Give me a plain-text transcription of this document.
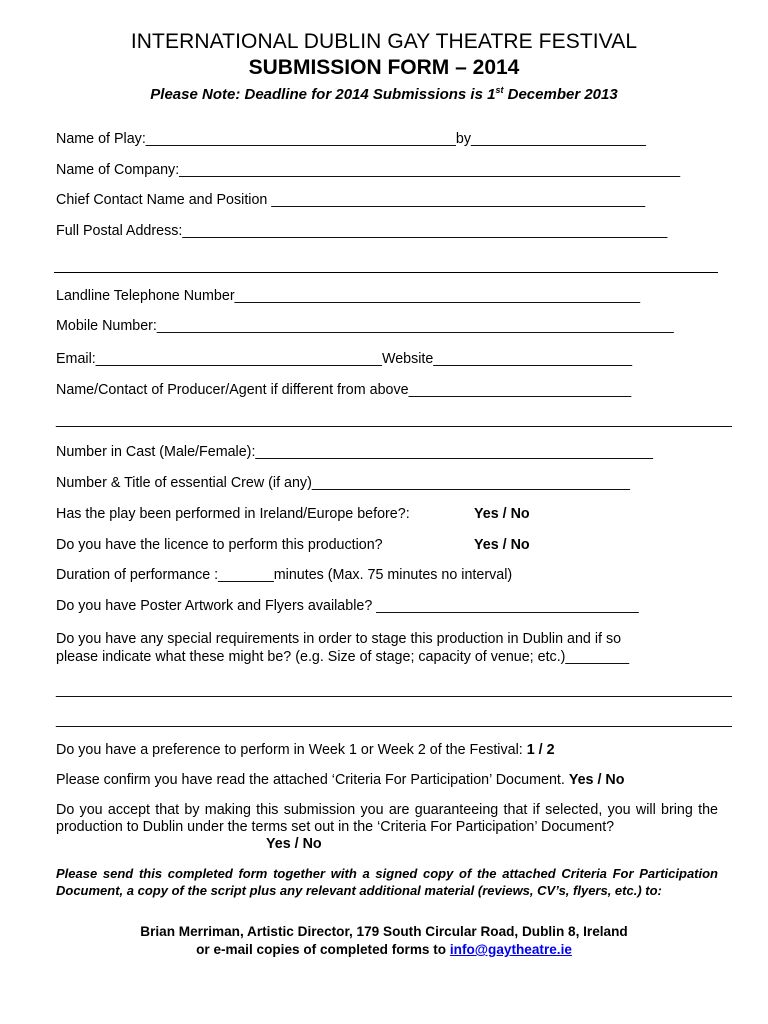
INTERNATIONAL DUBLIN GAY THEATRE FESTIVAL
SUBMISSION FORM – 2014
Please Note: Deadline for 2014 Submissions is 1st December 2013
Name of Play:_______________________________________by______________________
Name of Company:_______________________________________________________________
Chief Contact Name and Position _______________________________________________
Full Postal Address:_____________________________________________________________
Landline Telephone Number___________________________________________________
Mobile Number:_________________________________________________________________
Email:____________________________________Website_________________________
Name/Contact of Producer/Agent if different from above____________________________
_____________________________________________________________________________________
Number in Cast (Male/Female):__________________________________________________
Number & Title of essential Crew (if any)________________________________________
Has the play been performed in Ireland/Europe before?:	Yes / No
Do you have the licence to perform this production?	Yes / No
Duration of performance :_______minutes (Max. 75 minutes no interval)
Do you have Poster Artwork and Flyers available? _________________________________
Do you have any special requirements in order to stage this production in Dublin and if so
please indicate what these might be? (e.g. Size of stage; capacity of venue; etc.)________
_____________________________________________________________________________________
_____________________________________________________________________________________
Do you have a preference to perform in Week 1 or Week 2 of the Festival: 1 / 2
Please confirm you have read the attached ‘Criteria For Participation’ Document. Yes / No
Do you accept that by making this submission you are guaranteeing that if selected, you will bring the production to Dublin under the terms set out in the ‘Criteria For Participation’ Document?
Yes / No
Please send this completed form together with a signed copy of the attached Criteria For Participation Document, a copy of the script plus any relevant additional material (reviews, CV’s, flyers, etc.) to:
Brian Merriman, Artistic Director, 179 South Circular Road, Dublin 8, Ireland
or e-mail copies of completed forms to info@gaytheatre.ie
